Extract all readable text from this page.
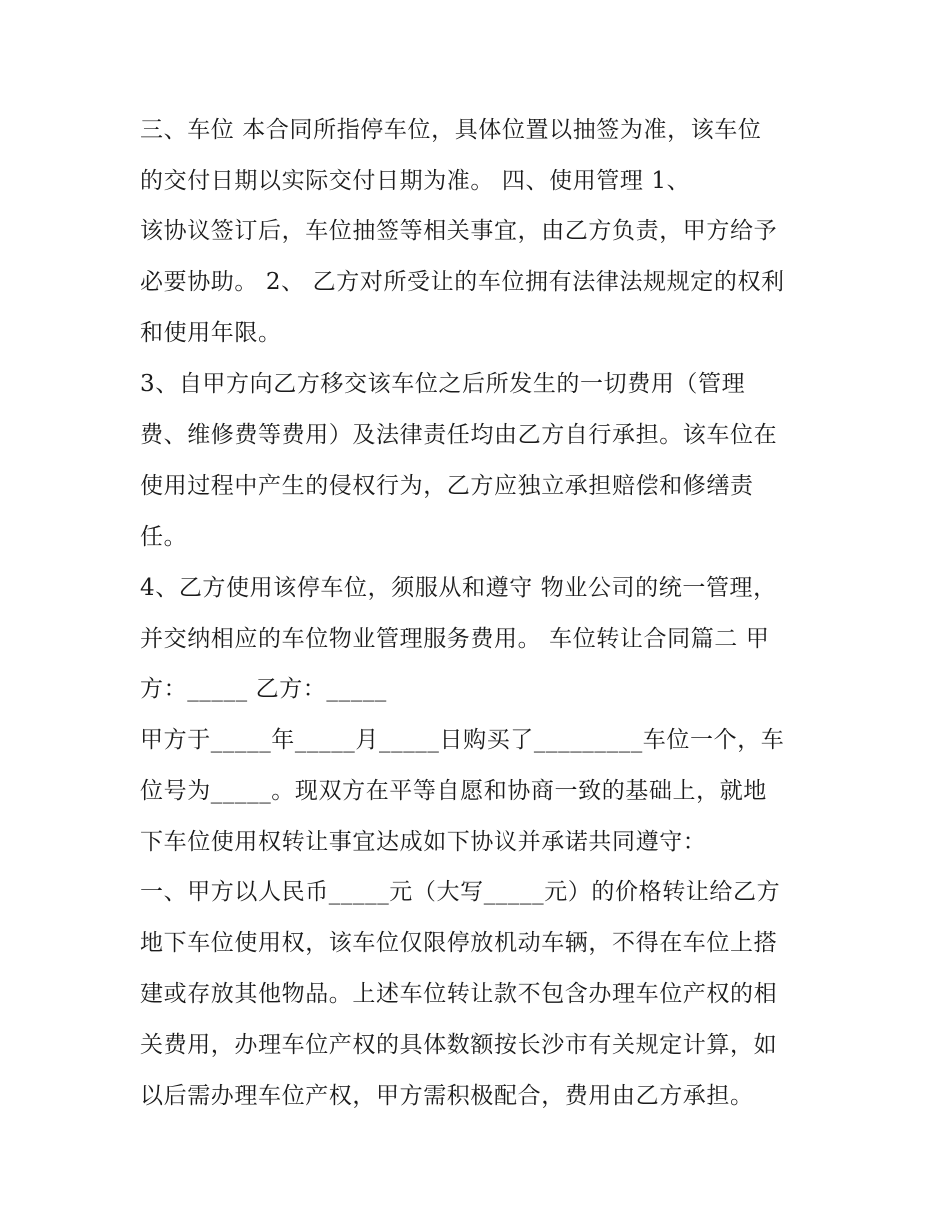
三、车位 本合同所指停车位，具体位置以抽签为准，该车位
的交付日期以实际交付日期为准。 四、使用管理 1、
该协议签订后，车位抽签等相关事宜，由乙方负责，甲方给予
必要协助。 2、 乙方对所受让的车位拥有法律法规规定的权利
和使用年限。
3、自甲方向乙方移交该车位之后所发生的一切费用（管理
费、维修费等费用）及法律责任均由乙方自行承担。该车位在
使用过程中产生的侵权行为，乙方应独立承担赔偿和修缮责
任。
4、乙方使用该停车位，须服从和遵守 物业公司的统一管理，
并交纳相应的车位物业管理服务费用。 车位转让合同篇二 甲
方：_____ 乙方：_____
甲方于_____年_____月_____日购买了_________车位一个，车
位号为_____。现双方在平等自愿和协商一致的基础上，就地
下车位使用权转让事宜达成如下协议并承诺共同遵守：
一、甲方以人民币_____元（大写_____元）的价格转让给乙方
地下车位使用权，该车位仅限停放机动车辆，不得在车位上搭
建或存放其他物品。上述车位转让款不包含办理车位产权的相
关费用，办理车位产权的具体数额按长沙市有关规定计算，如
以后需办理车位产权，甲方需积极配合，费用由乙方承担。
